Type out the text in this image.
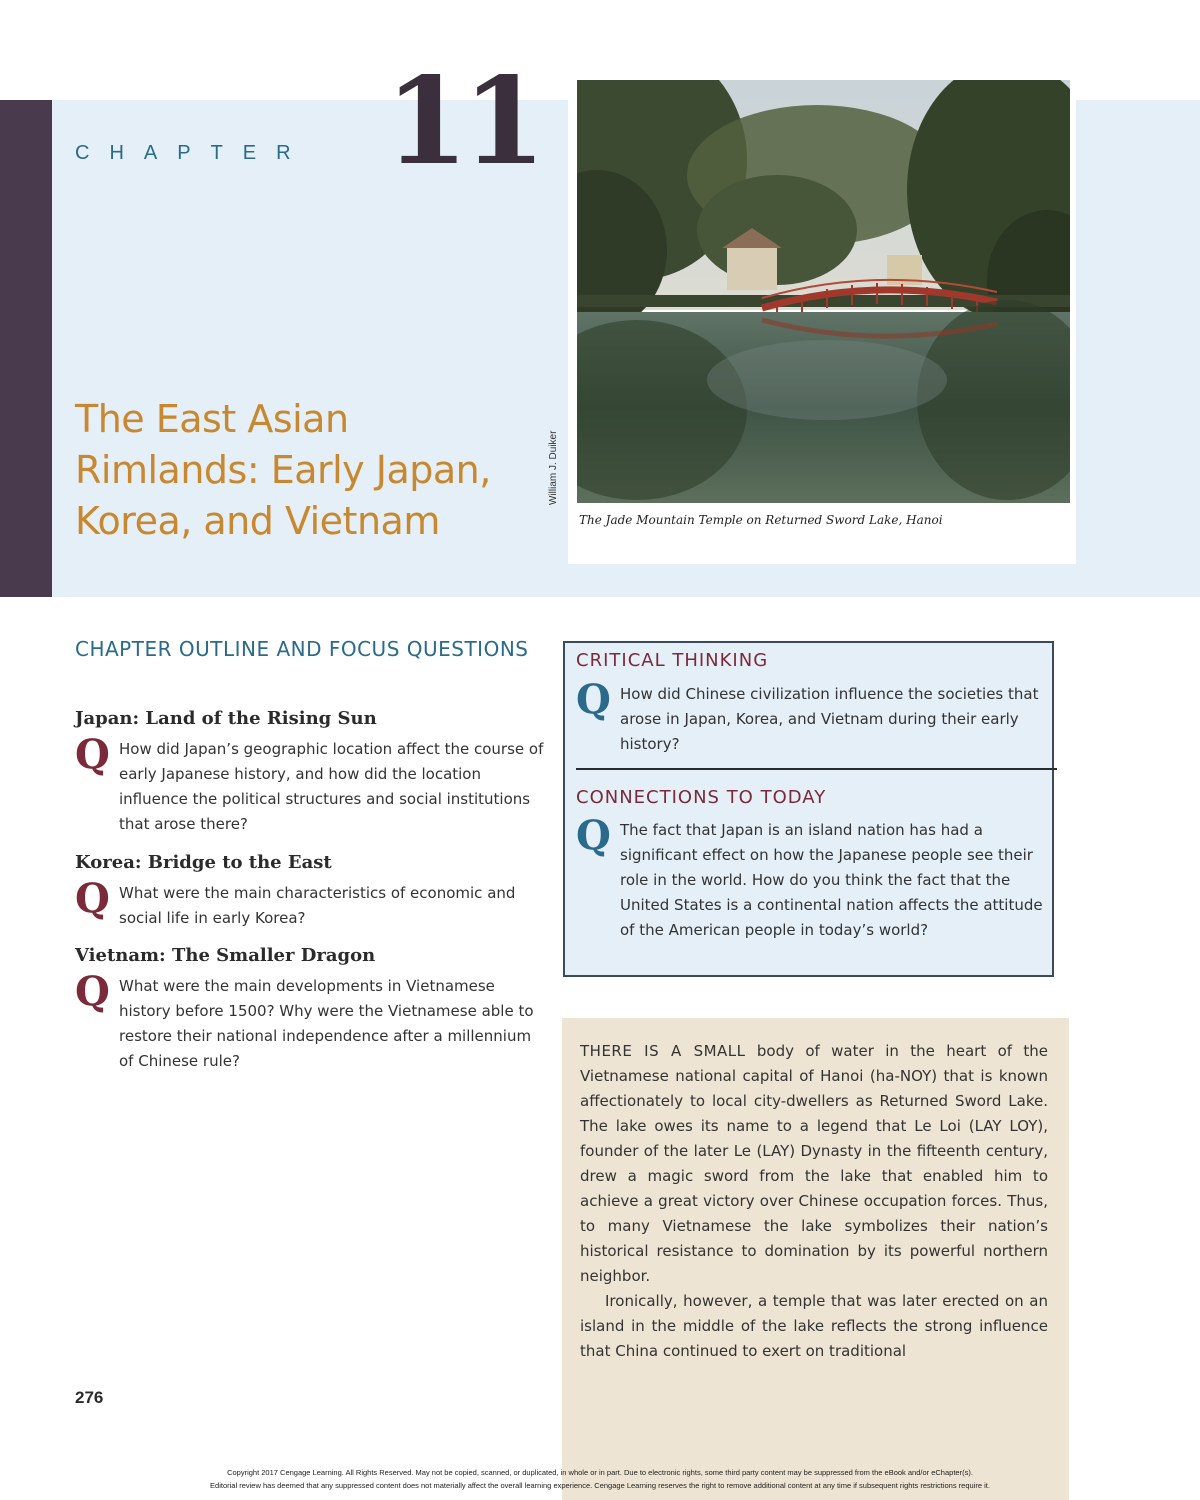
CHAPTER 11
The East Asian
Rimlands: Early Japan,
Korea, and Vietnam
William J. Duiker
The Jade Mountain Temple on Returned Sword Lake, Hanoi
CHAPTER OUTLINE AND FOCUS QUESTIONS
Japan: Land of the Rising Sun
Q How did Japan’s geographic location affect the course of early Japanese history, and how did the location influence the political structures and social institutions that arose there?
Korea: Bridge to the East
Q What were the main characteristics of economic and social life in early Korea?
Vietnam: The Smaller Dragon
Q What were the main developments in Vietnamese history before 1500? Why were the Vietnamese able to restore their national independence after a millennium of Chinese rule?
CRITICAL THINKING
Q How did Chinese civilization influence the societies that arose in Japan, Korea, and Vietnam during their early history?
CONNECTIONS TO TODAY
Q The fact that Japan is an island nation has had a significant effect on how the Japanese people see their role in the world. How do you think the fact that the United States is a continental nation affects the attitude of the American people in today’s world?

THERE IS A SMALL body of water in the heart of the Vietnamese national capital of Hanoi (ha-NOY) that is known affectionately to local city-dwellers as Returned Sword Lake. The lake owes its name to a legend that Le Loi (LAY LOY), founder of the later Le (LAY) Dynasty in the fifteenth century, drew a magic sword from the lake that enabled him to achieve a great victory over Chinese occupation forces. Thus, to many Vietnamese the lake symbolizes their nation’s historical resistance to domination by its powerful northern neighbor.

Ironically, however, a temple that was later erected on an island in the middle of the lake reflects the strong influence that China continued to exert on traditional

276
Copyright 2017 Cengage Learning. All Rights Reserved. May not be copied, scanned, or duplicated, in whole or in part. Due to electronic rights, some third party content may be suppressed from the eBook and/or eChapter(s).
Editorial review has deemed that any suppressed content does not materially affect the overall learning experience. Cengage Learning reserves the right to remove additional content at any time if subsequent rights restrictions require it.
